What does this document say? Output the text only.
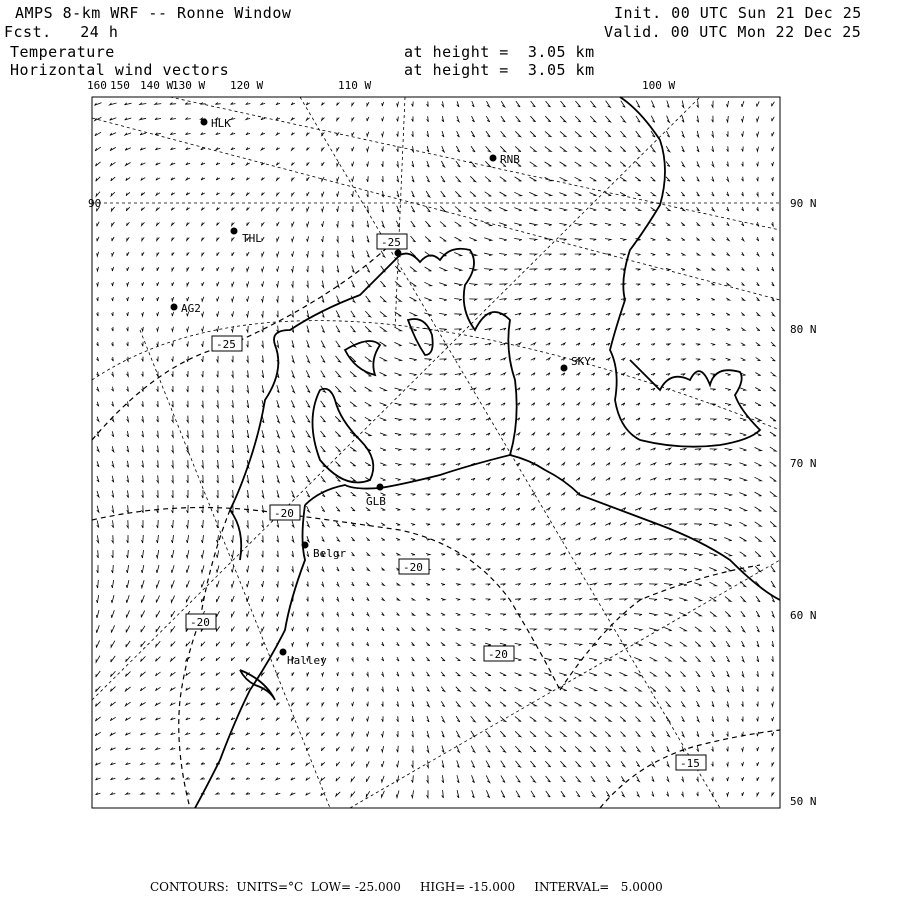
AMPS 8-km WRF -- Ronne Window
Fcst.   24 h
Init. 00 UTC Sun 21 Dec 25
Valid. 00 UTC Mon 22 Dec 25
Temperature
Horizontal wind vectors
at height =  3.05 km
at height =  3.05 km
160 150 140 W
130 W 120 W	110 W	100 W
90 N
80 N
70 N
60 N
50 N
90
HLK
RNB
THL
AG2
SKY
GLB
Belgr
Halley
-25
-25
-20
-20
-20
-20
-15
CONTOURS:  UNITS=°C  LOW= -25.000     HIGH= -15.000     INTERVAL=   5.0000
